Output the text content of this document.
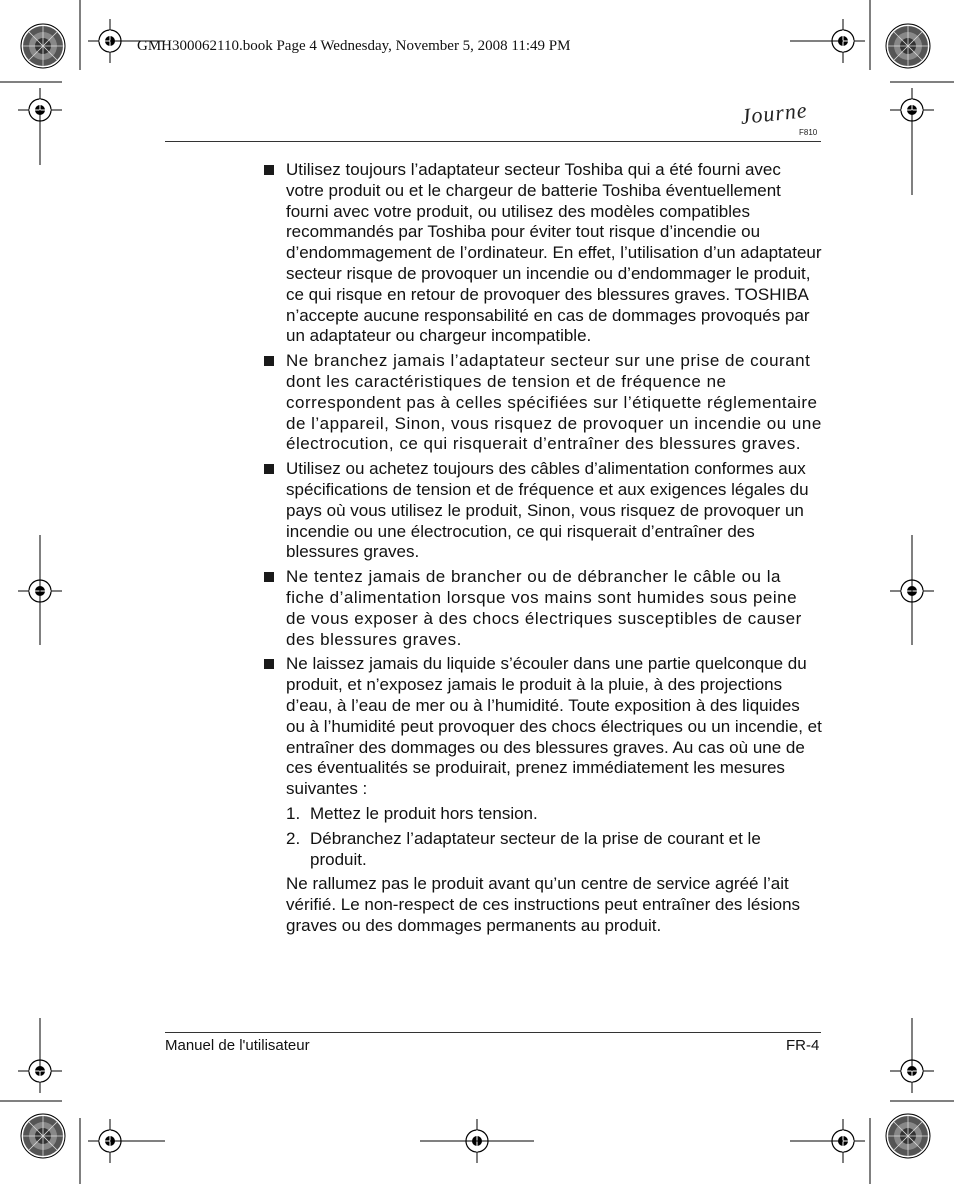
GMH300062110.book Page 4 Wednesday, November 5, 2008 11:49 PM
Journe
F810
Utilisez toujours l’adaptateur secteur Toshiba qui a été fourni avec votre produit ou et le chargeur de batterie Toshiba éventuellement fourni avec votre produit, ou utilisez des modèles compatibles recommandés par Toshiba pour éviter tout risque d’incendie ou d’endommagement de l’ordinateur. En effet, l’utilisation d’un adaptateur secteur risque de provoquer un incendie ou d’endommager le produit, ce qui risque en retour de provoquer des blessures graves. TOSHIBA n’accepte aucune responsabilité en cas de dommages provoqués par un adaptateur ou chargeur incompatible.
Ne branchez jamais l’adaptateur secteur sur une prise de courant dont les caractéristiques de tension et de fréquence ne correspondent pas à celles spécifiées sur l’étiquette réglementaire de l’appareil, Sinon, vous risquez de provoquer un incendie ou une électrocution, ce qui risquerait d’entraîner des blessures graves.
Utilisez ou achetez toujours des câbles d’alimentation conformes aux spécifications de tension et de fréquence et aux exigences légales du pays où vous utilisez le produit, Sinon, vous risquez de provoquer un incendie ou une électrocution, ce qui risquerait d’entraîner des blessures graves.
Ne tentez jamais de brancher ou de débrancher le câble ou la fiche d’alimentation lorsque vos mains sont humides sous peine de vous exposer à des chocs électriques susceptibles de causer des blessures graves.
Ne laissez jamais du liquide s’écouler dans une partie quelconque du produit, et n’exposez jamais le produit à la pluie, à des projections d’eau, à l’eau de mer ou à l’humidité. Toute exposition à des liquides ou à l’humidité peut provoquer des chocs électriques ou un incendie, et entraîner des dommages ou des blessures graves. Au cas où une de ces éventualités se produirait, prenez immédiatement les mesures suivantes :
1. Mettez le produit hors tension.
2. Débranchez l’adaptateur secteur de la prise de courant et le produit.
Ne rallumez pas le produit avant qu’un centre de service agréé l’ait vérifié. Le non-respect de ces instructions peut entraîner des lésions graves ou des dommages permanents au produit.
Manuel de l'utilisateur	FR-4
